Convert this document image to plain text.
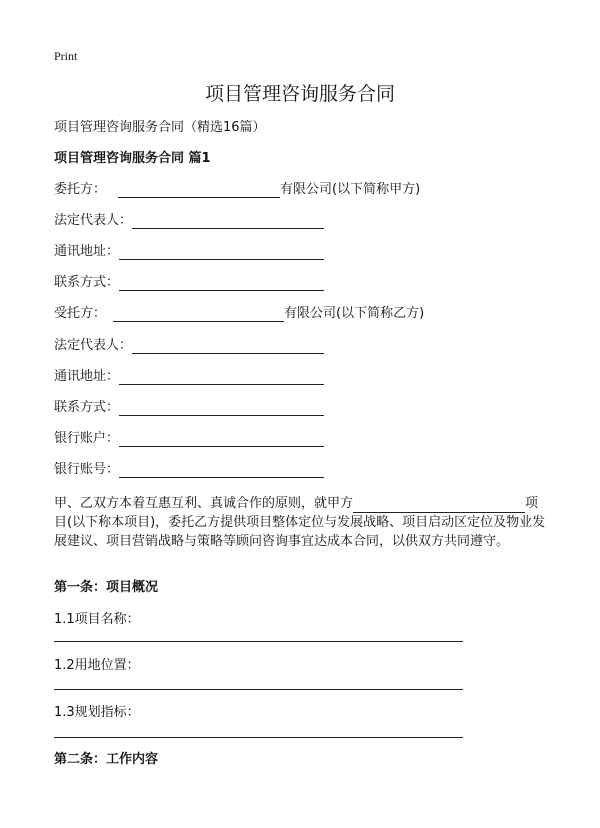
Print
项目管理咨询服务合同
项目管理咨询服务合同（精选16篇）
项目管理咨询服务合同 篇1
委托方：	有限公司(以下简称甲方)
法定代表人：
通讯地址：
联系方式：
受托方：	有限公司(以下简称乙方)
法定代表人：
通讯地址：
联系方式：
银行账户：
银行账号：
甲、乙双方本着互惠互利、真诚合作的原则，就甲方	项目(以下称本项目)，委托乙方提供项目整体定位与发展战略、项目启动区定位及物业发展建议、项目营销战略与策略等顾问咨询事宜达成本合同，以供双方共同遵守。
第一条：项目概况
1.1项目名称：
1.2用地位置：
1.3规划指标：
第二条：工作内容
